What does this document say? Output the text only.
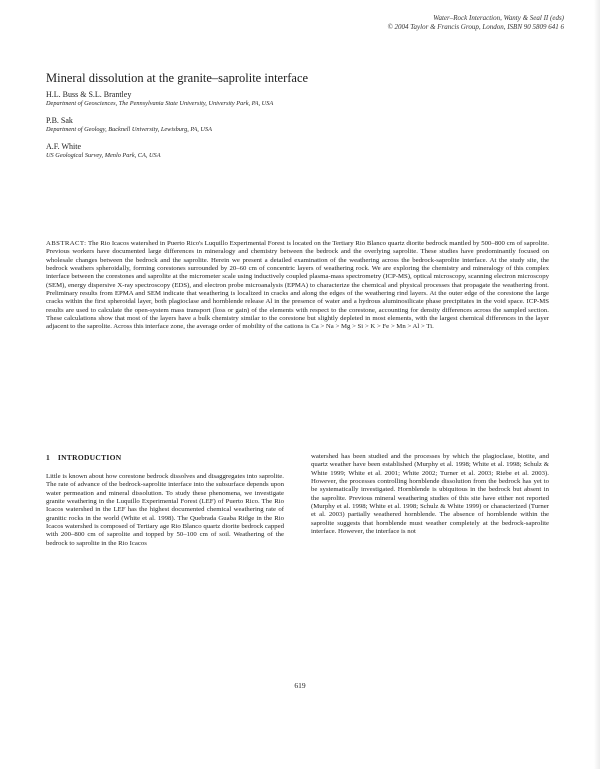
Water–Rock Interaction, Wanty & Seal II (eds)
© 2004 Taylor & Francis Group, London, ISBN 90 5809 641 6
Mineral dissolution at the granite–saprolite interface

H.L. Buss & S.L. Brantley

Department of Geosciences, The Pennsylvania State University, University Park, PA, USA

P.B. Sak

Department of Geology, Bucknell University, Lewisburg, PA, USA

A.F. White

US Geological Survey, Menlo Park, CA, USA

ABSTRACT: The Rio Icacos watershed in Puerto Rico's Luquillo Experimental Forest is located on the Tertiary Rio Blanco quartz diorite bedrock mantled by 500–800 cm of saprolite. Previous workers have documented large differences in mineralogy and chemistry between the bedrock and the overlying saprolite. These studies have predominantly focused on wholesale changes between the bedrock and the saprolite. Herein we present a detailed examination of the weathering across the bedrock-saprolite interface. At the study site, the bedrock weathers spheroidally, forming corestones surrounded by 20–60 cm of concentric layers of weathering rock. We are exploring the chemistry and mineralogy of this complex interface between the corestones and saprolite at the micrometer scale using inductively coupled plasma-mass spectrometry (ICP-MS), optical microscopy, scanning electron microscopy (SEM), energy dispersive X-ray spectroscopy (EDS), and electron probe microanalysis (EPMA) to characterize the chemical and physical processes that propagate the weathering front. Preliminary results from EPMA and SEM indicate that weathering is localized in cracks and along the edges of the weathering rind layers. At the outer edge of the corestone the large cracks within the first spheroidal layer, both plagioclase and hornblende release Al in the presence of water and a hydrous aluminosilicate phase precipitates in the void space. ICP-MS results are used to calculate the open-system mass transport (loss or gain) of the elements with respect to the corestone, accounting for density differences across the sampled section. These calculations show that most of the layers have a bulk chemistry similar to the corestone but slightly depleted in most elements, with the largest chemical differences in the layer adjacent to the saprolite. Across this interface zone, the average order of mobility of the cations is Ca > Na > Mg > Si > K > Fe > Mn > Al > Ti.

1  INTRODUCTION

Little is known about how corestone bedrock dissolves and disaggregates into saprolite. The rate of advance of the bedrock-saprolite interface into the subsurface depends upon water permeation and mineral dissolution. To study these phenomena, we investigate granite weathering in the Luquillo Experimental Forest (LEF) of Puerto Rico. The Rio Icacos watershed in the LEF has the highest documented chemical weathering rate of granitic rocks in the world (White et al. 1998). The Quebrada Guaba Ridge in the Rio Icacos watershed is composed of Tertiary age Rio Blanco quartz diorite bedrock capped with 200–800 cm of saprolite and topped by 50–100 cm of soil. Weathering of the bedrock to saprolite in the Rio Icacos

watershed has been studied and the processes by which the plagioclase, biotite, and quartz weather have been established (Murphy et al. 1998; White et al. 1998; Schulz & White 1999; White et al. 2001; White 2002; Turner et al. 2003; Riebe et al. 2003). However, the processes controlling hornblende dissolution from the bedrock has yet to be systematically investigated. Hornblende is ubiquitous in the bedrock but absent in the saprolite. Previous mineral weathering studies of this site have either not reported (Murphy et al. 1998; White et al. 1998; Schulz & White 1999) or characterized (Turner et al. 2003) partially weathered hornblende. The absence of hornblende within the saprolite suggests that hornblende must weather completely at the bedrock-saprolite interface. However, the interface is not

619
